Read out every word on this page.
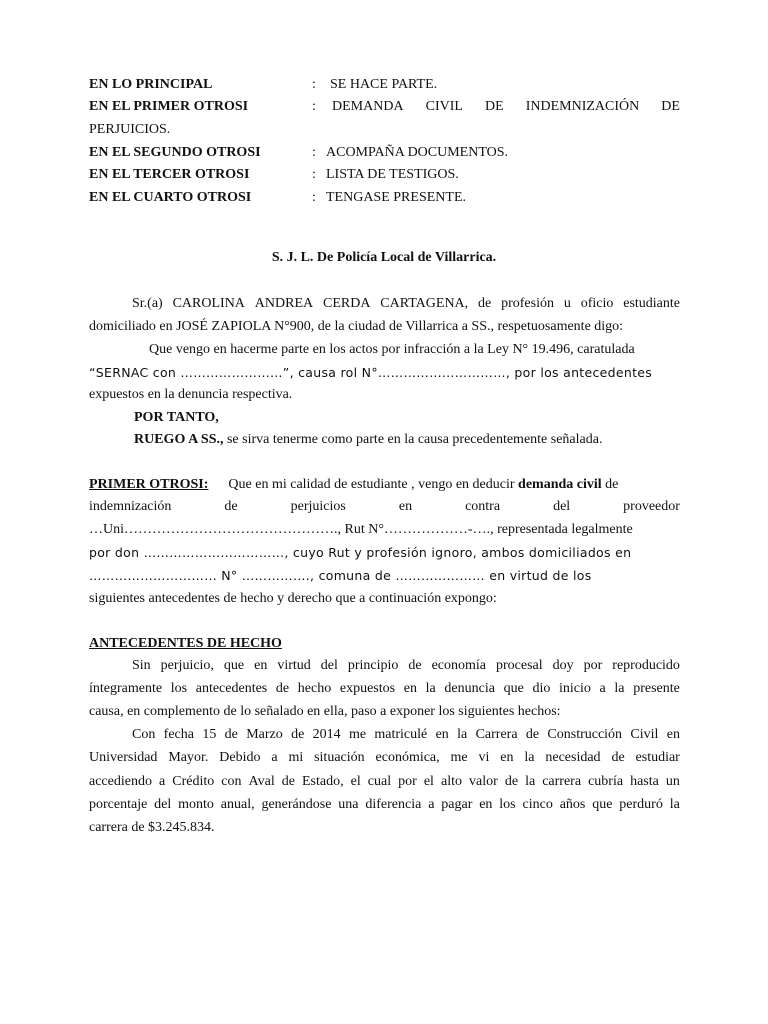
EN LO PRINCIPAL	: SE HACE PARTE.
EN EL PRIMER OTROSI	: DEMANDA CIVIL DE INDEMNIZACIÓN DE
PERJUICIOS.
EN EL SEGUNDO OTROSI	: ACOMPAÑA DOCUMENTOS.
EN EL TERCER OTROSI	: LISTA DE TESTIGOS.
EN EL CUARTO OTROSI	: TENGASE PRESENTE.
S. J. L. De Policía Local de Villarrica.
Sr.(a) CAROLINA ANDREA CERDA CARTAGENA, de profesión u oficio estudiante
domiciliado en JOSÉ ZAPIOLA N°900, de la ciudad de Villarrica a SS., respetuosamente digo:
Que vengo en hacerme parte en los actos por infracción a la Ley N° 19.496, caratulada
“SERNAC con ……………………”, causa rol N°…………………………, por los antecedentes
expuestos en la denuncia respectiva.
POR TANTO,
RUEGO A SS., se sirva tenerme como parte en la causa precedentemente señalada.
PRIMER OTROSI: Que en mi calidad de estudiante , vengo en deducir demanda civil de
indemnización	de	perjuicios	en	contra	del	proveedor
…Uni………………………………………., Rut N°………………-…., representada legalmente
por don ……………………………, cuyo Rut y profesión ignoro, ambos domiciliados en
………………………… N° ……………., comuna de ………………… en virtud de los
siguientes antecedentes de hecho y derecho que a continuación expongo:
ANTECEDENTES DE HECHO
Sin perjuicio, que en virtud del principio de economía procesal doy por reproducido
íntegramente los antecedentes de hecho expuestos en la denuncia que dio inicio a la presente
causa, en complemento de lo señalado en ella, paso a exponer los siguientes hechos:
Con fecha 15 de Marzo de 2014 me matriculé en la Carrera de Construcción Civil en
Universidad Mayor. Debido a mi situación económica, me vi en la necesidad de estudiar
accediendo a Crédito con Aval de Estado, el cual por el alto valor de la carrera cubría hasta un
porcentaje del monto anual, generándose una diferencia a pagar en los cinco años que perduró la
carrera de $3.245.834.
